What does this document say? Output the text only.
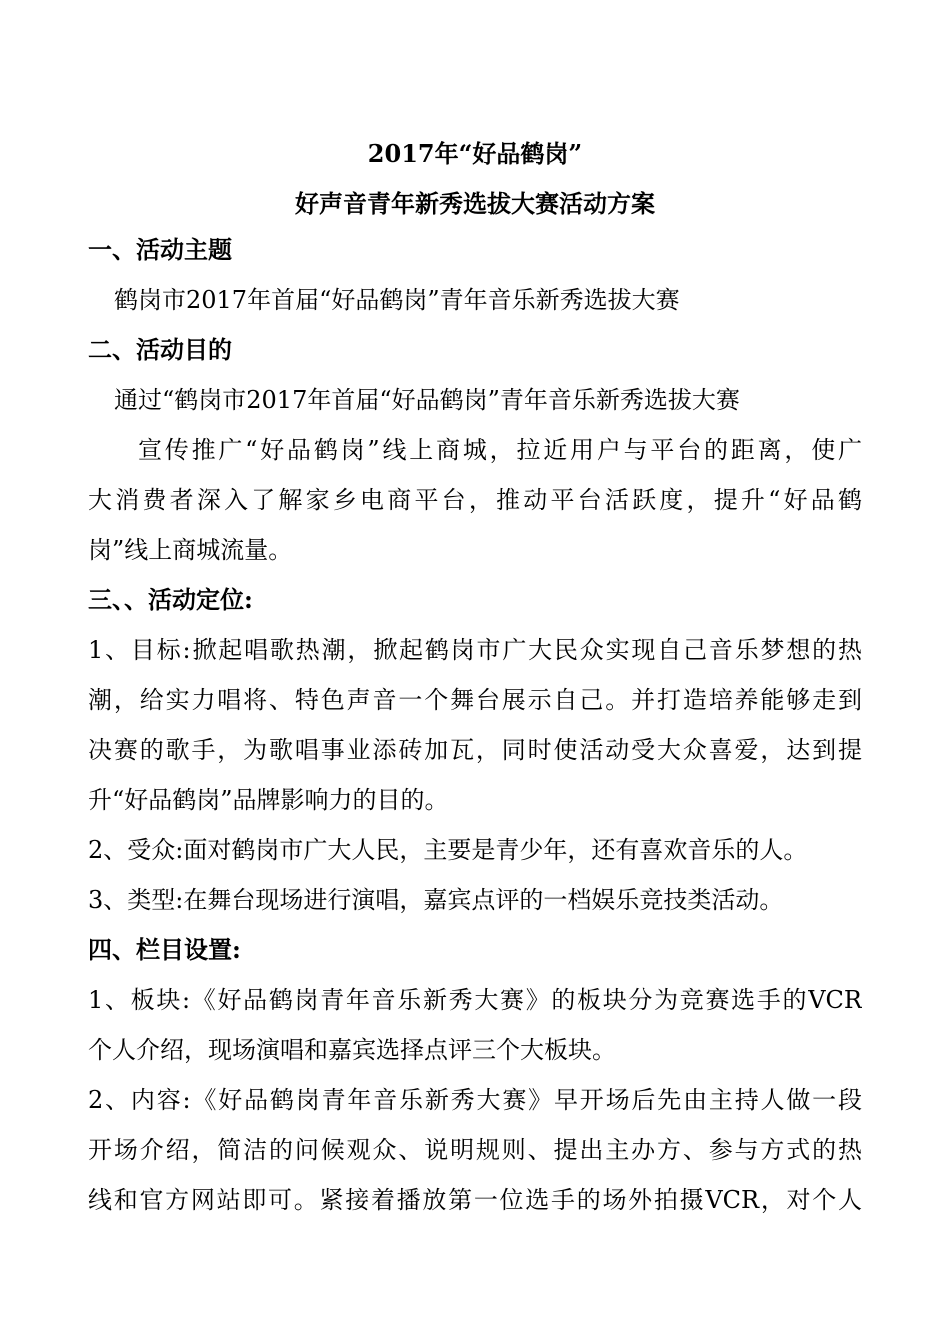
2017年“好品鹤岗”
好声音青年新秀选拔大赛活动方案
一、活动主题
鹤岗市2017年首届“好品鹤岗”青年音乐新秀选拔大赛
二、活动目的
通过“鹤岗市2017年首届“好品鹤岗”青年音乐新秀选拔大赛
宣传推广“好品鹤岗”线上商城，拉近用户与平台的距离，使广
大消费者深入了解家乡电商平台，推动平台活跃度，提升“好品鹤
岗”线上商城流量。
三、、活动定位:
1、目标:掀起唱歌热潮，掀起鹤岗市广大民众实现自己音乐梦想的热
潮，给实力唱将、特色声音一个舞台展示自己。并打造培养能够走到
决赛的歌手，为歌唱事业添砖加瓦，同时使活动受大众喜爱，达到提
升“好品鹤岗”品牌影响力的目的。
2、受众:面对鹤岗市广大人民，主要是青少年，还有喜欢音乐的人。
3、类型:在舞台现场进行演唱，嘉宾点评的一档娱乐竞技类活动。
四、栏目设置:
1、板块:《好品鹤岗青年音乐新秀大赛》的板块分为竞赛选手的VCR
个人介绍，现场演唱和嘉宾选择点评三个大板块。
2、内容:《好品鹤岗青年音乐新秀大赛》早开场后先由主持人做一段
开场介绍，简洁的问候观众、说明规则、提出主办方、参与方式的热
线和官方网站即可。紧接着播放第一位选手的场外拍摄VCR，对个人
